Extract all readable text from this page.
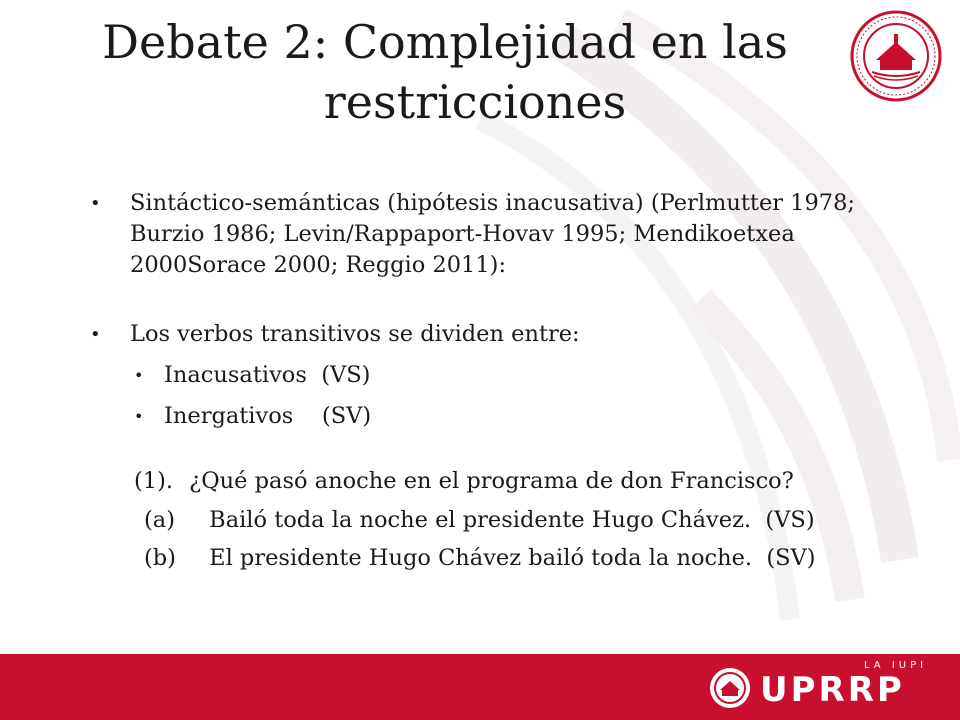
Debate 2: Complejidad en las
restricciones
• Sintáctico-semánticas (hipótesis inacusativa) (Perlmutter 1978; Burzio 1986; Levin/Rappaport-Hovav 1995; Mendikoetxea 2000Sorace 2000; Reggio 2011):
• Los verbos transitivos se dividen entre:
• Inacusativos  (VS)
• Inergativos    (SV)
(1). ¿Qué pasó anoche en el programa de don Francisco?
(a) Bailó toda la noche el presidente Hugo Chávez.  (VS)
(b) El presidente Hugo Chávez bailó toda la noche.  (SV)
UPRRP
LA IUPI
